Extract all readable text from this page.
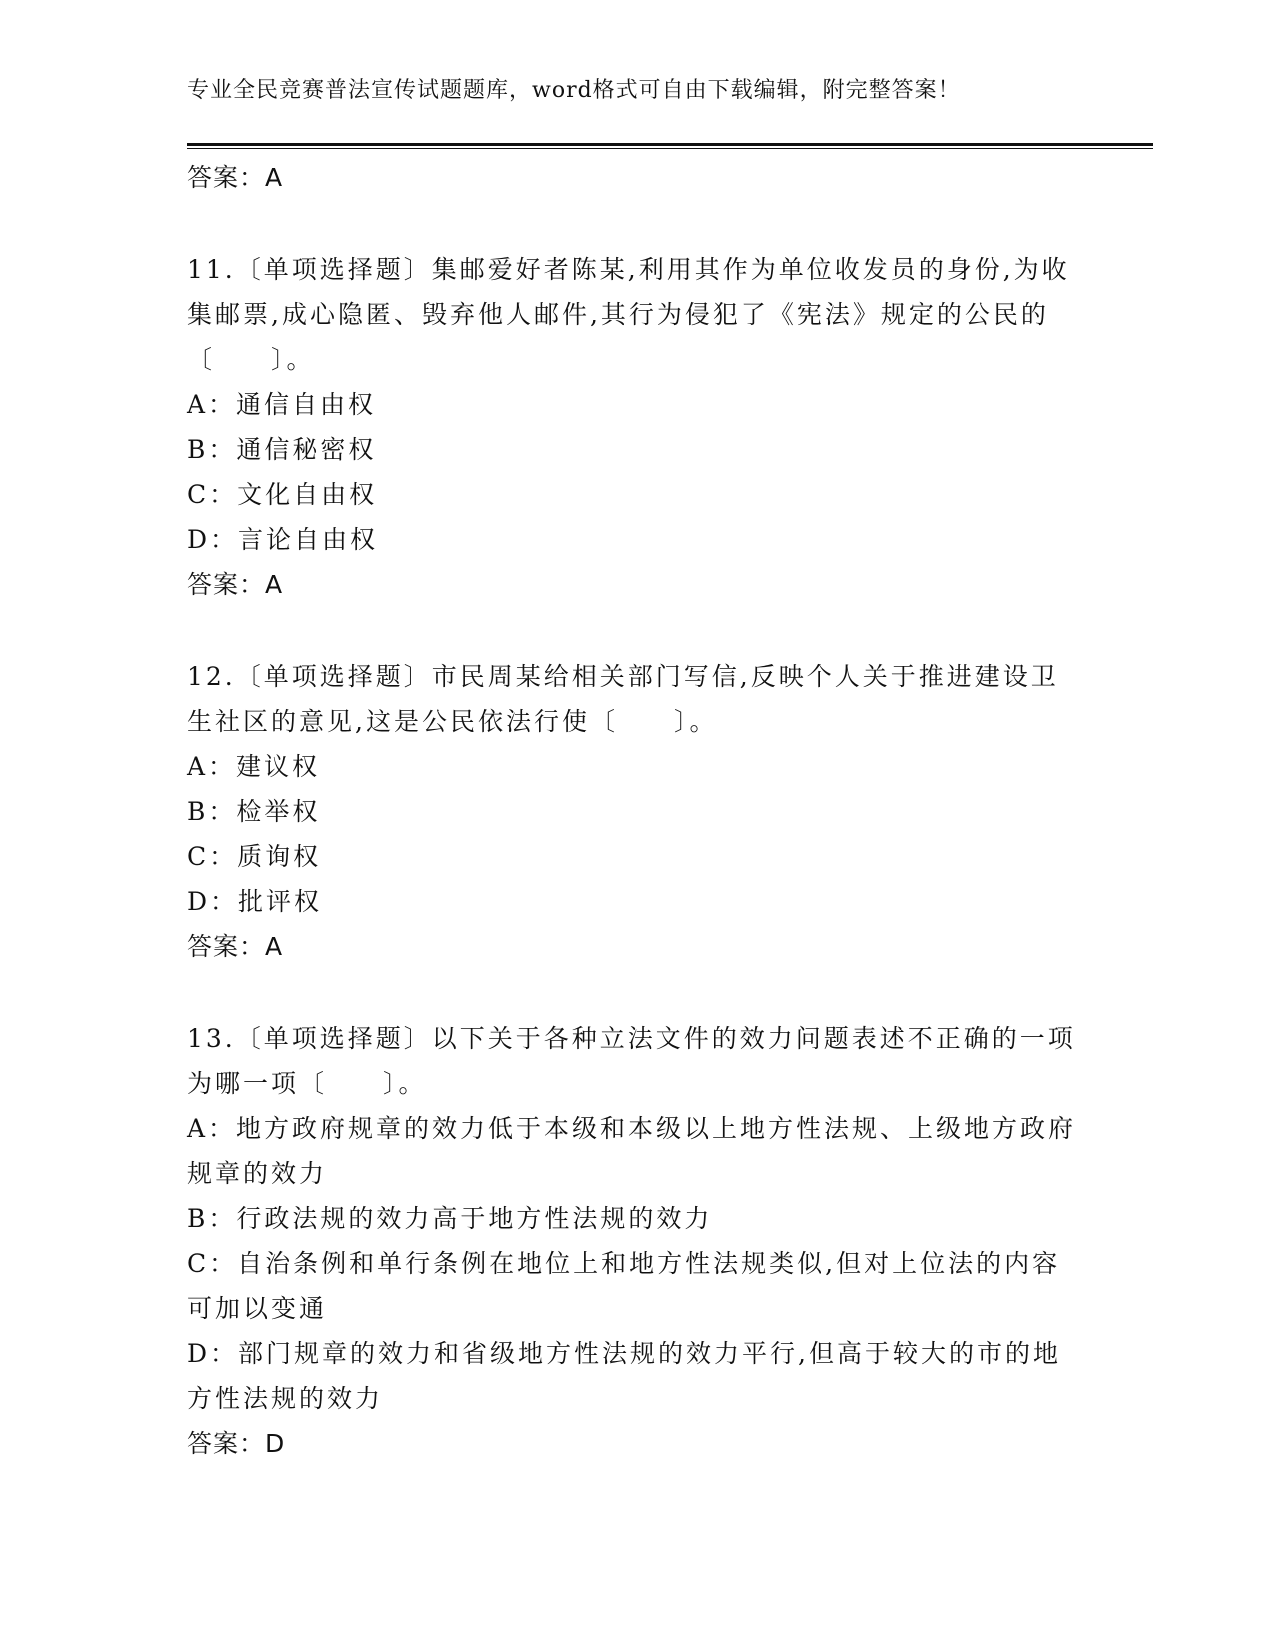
专业全民竞赛普法宣传试题题库，word格式可自由下载编辑，附完整答案！

答案：A

11.〔单项选择题〕集邮爱好者陈某,利用其作为单位收发员的身份,为收集邮票,成心隐匿、毁弃他人邮件,其行为侵犯了《宪法》规定的公民的〔　　〕。

A：通信自由权

B：通信秘密权

C：文化自由权

D：言论自由权

答案：A

12.〔单项选择题〕市民周某给相关部门写信,反映个人关于推进建设卫生社区的意见,这是公民依法行使〔　　〕。

A：建议权

B：检举权

C：质询权

D：批评权

答案：A

13.〔单项选择题〕以下关于各种立法文件的效力问题表述不正确的一项为哪一项〔　　〕。

A：地方政府规章的效力低于本级和本级以上地方性法规、上级地方政府规章的效力

B：行政法规的效力高于地方性法规的效力

C：自治条例和单行条例在地位上和地方性法规类似,但对上位法的内容可加以变通

D：部门规章的效力和省级地方性法规的效力平行,但高于较大的市的地方性法规的效力

答案：D
